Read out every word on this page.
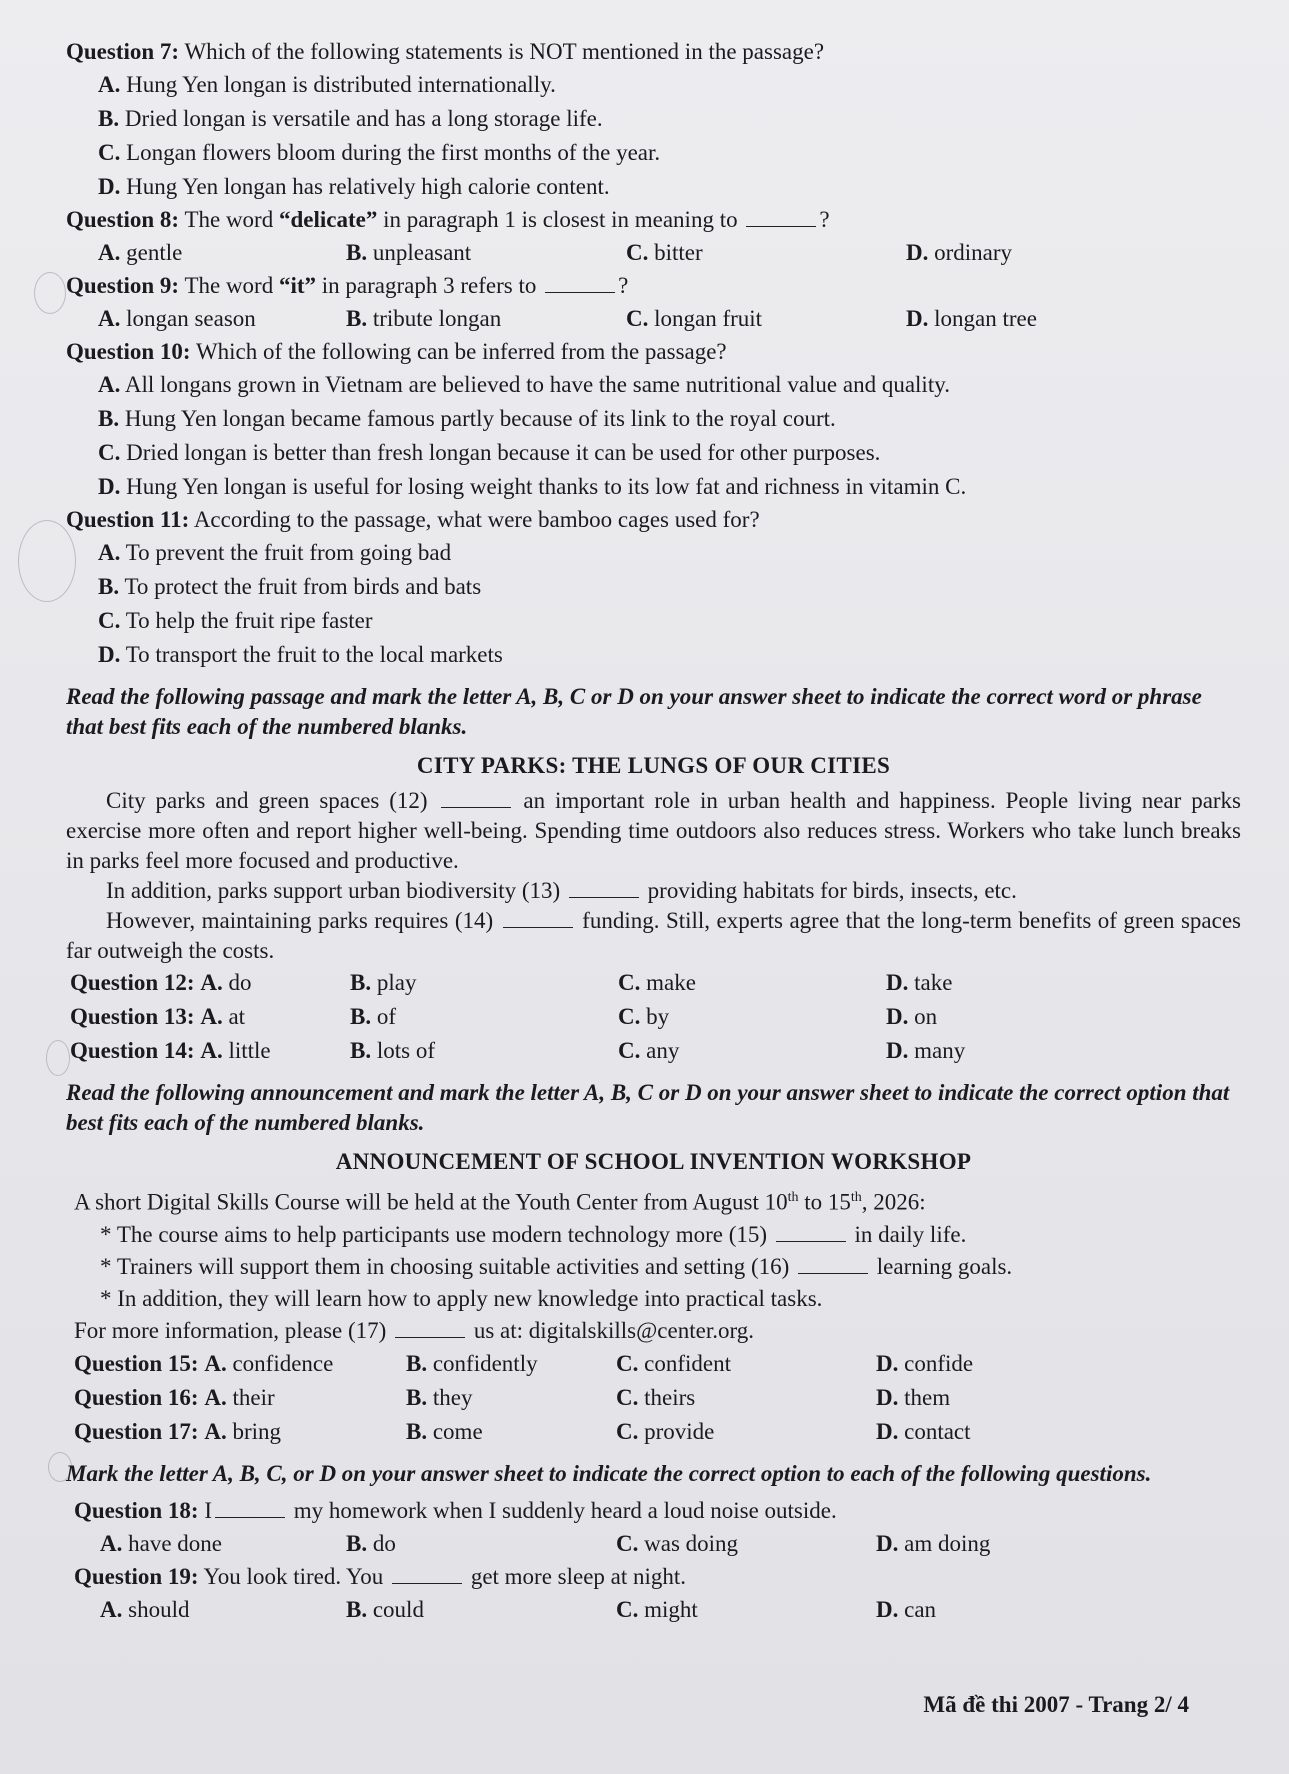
Question 7: Which of the following statements is NOT mentioned in the passage?

A. Hung Yen longan is distributed internationally.
B. Dried longan is versatile and has a long storage life.
C. Longan flowers bloom during the first months of the year.
D. Hung Yen longan has relatively high calorie content.

Question 8: The word “delicate” in paragraph 1 is closest in meaning to	?

A. gentle	B. unpleasant	C. bitter	D. ordinary

Question 9: The word “it” in paragraph 3 refers to	?

A. longan season	B. tribute longan	C. longan fruit	D. longan tree

Question 10: Which of the following can be inferred from the passage?

A. All longans grown in Vietnam are believed to have the same nutritional value and quality.
B. Hung Yen longan became famous partly because of its link to the royal court.
C. Dried longan is better than fresh longan because it can be used for other purposes.
D. Hung Yen longan is useful for losing weight thanks to its low fat and richness in vitamin C.

Question 11: According to the passage, what were bamboo cages used for?

A. To prevent the fruit from going bad
B. To protect the fruit from birds and bats
C. To help the fruit ripe faster
D. To transport the fruit to the local markets

Read the following passage and mark the letter A, B, C or D on your answer sheet to indicate the correct word or phrase that best fits each of the numbered blanks.

CITY PARKS: THE LUNGS OF OUR CITIES

City parks and green spaces (12)	an important role in urban health and happiness. People living near parks exercise more often and report higher well-being. Spending time outdoors also reduces stress. Workers who take lunch breaks in parks feel more focused and productive.

In addition, parks support urban biodiversity (13)	providing habitats for birds, insects, etc.

However, maintaining parks requires (14)	funding. Still, experts agree that the long-term benefits of green spaces far outweigh the costs.

Question 12: A. do	B. play	C. make	D. take
Question 13: A. at	B. of	C. by	D. on
Question 14: A. little	B. lots of	C. any	D. many

Read the following announcement and mark the letter A, B, C or D on your answer sheet to indicate the correct option that best fits each of the numbered blanks.

ANNOUNCEMENT OF SCHOOL INVENTION WORKSHOP

A short Digital Skills Course will be held at the Youth Center from August 10th to 15th, 2026:

* The course aims to help participants use modern technology more (15)	in daily life.

* Trainers will support them in choosing suitable activities and setting (16)	learning goals.

* In addition, they will learn how to apply new knowledge into practical tasks.

For more information, please (17)	us at: digitalskills@center.org.

Question 15: A. confidence	B. confidently	C. confident	D. confide
Question 16: A. their	B. they	C. theirs	D. them
Question 17: A. bring	B. come	C. provide	D. contact

Mark the letter A, B, C, or D on your answer sheet to indicate the correct option to each of the following questions.

Question 18: I	my homework when I suddenly heard a loud noise outside.

A. have done	B. do	C. was doing	D. am doing

Question 19: You look tired. You	get more sleep at night.

A. should	B. could	C. might	D. can
Mã đề thi 2007 - Trang 2/ 4
